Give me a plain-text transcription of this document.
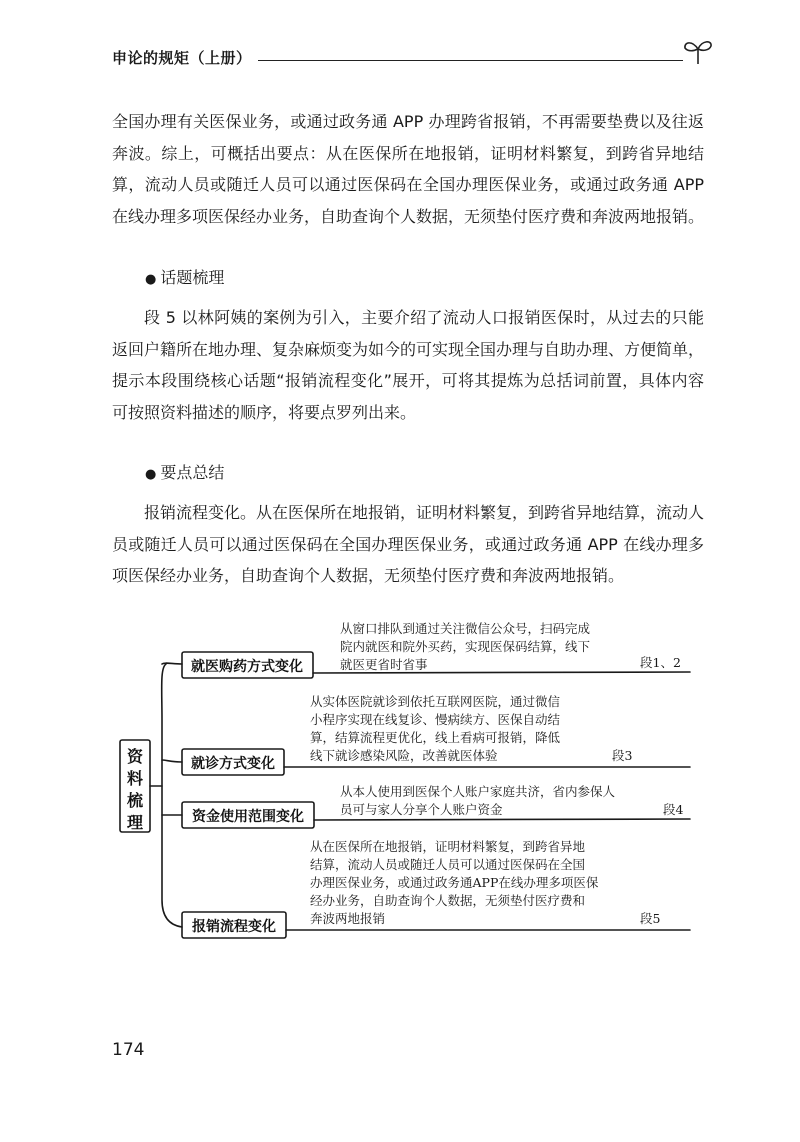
申论的规矩（上册）
全国办理有关医保业务，或通过政务通 APP 办理跨省报销，不再需要垫费以及往返奔波。综上，可概括出要点：从在医保所在地报销，证明材料繁复，到跨省异地结算，流动人员或随迁人员可以通过医保码在全国办理医保业务，或通过政务通 APP 在线办理多项医保经办业务，自助查询个人数据，无须垫付医疗费和奔波两地报销。
● 话题梳理
段 5 以林阿姨的案例为引入，主要介绍了流动人口报销医保时，从过去的只能返回户籍所在地办理、复杂麻烦变为如今的可实现全国办理与自助办理、方便简单，提示本段围绕核心话题“报销流程变化”展开，可将其提炼为总括词前置，具体内容可按照资料描述的顺序，将要点罗列出来。
● 要点总结
报销流程变化。从在医保所在地报销，证明材料繁复，到跨省异地结算，流动人员或随迁人员可以通过医保码在全国办理医保业务，或通过政务通 APP 在线办理多项医保经办业务，自助查询个人数据，无须垫付医疗费和奔波两地报销。
资
料
梳
理
就医购药方式变化
就诊方式变化
资金使用范围变化
报销流程变化
从窗口排队到通过关注微信公众号，扫码完成
院内就医和院外买药，实现医保码结算，线下
就医更省时省事	段1、2
从实体医院就诊到依托互联网医院，通过微信
小程序实现在线复诊、慢病续方、医保自动结
算，结算流程更优化，线上看病可报销，降低
线下就诊感染风险，改善就医体验	段3
从本人使用到医保个人账户家庭共济，省内参保人
员可与家人分享个人账户资金	段4
从在医保所在地报销，证明材料繁复，到跨省异地
结算，流动人员或随迁人员可以通过医保码在全国
办理医保业务，或通过政务通APP在线办理多项医保
经办业务，自助查询个人数据，无须垫付医疗费和
奔波两地报销	段5
174
